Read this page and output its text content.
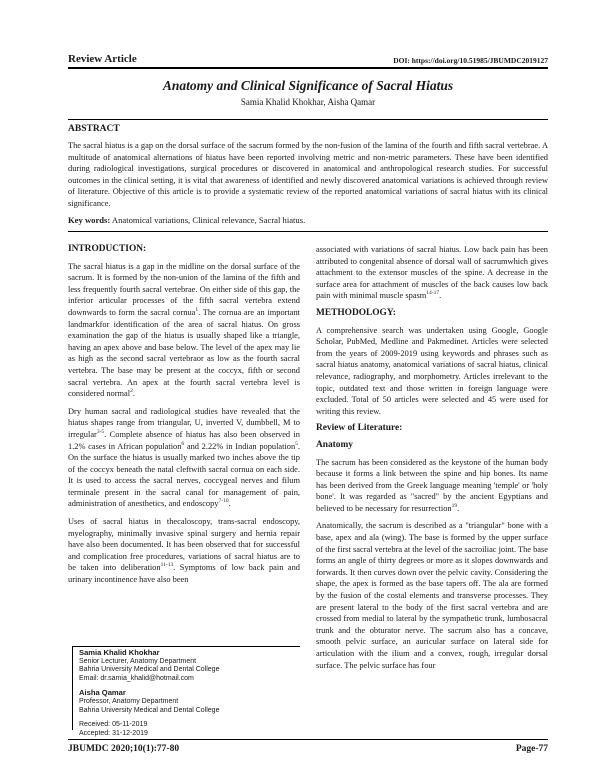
Review Article	DOI: https://doi.org/10.51985/JBUMDC2019127
Anatomy and Clinical Significance of Sacral Hiatus
Samia Khalid Khokhar, Aisha Qamar
ABSTRACT
The sacral hiatus is a gap on the dorsal surface of the sacrum formed by the non-fusion of the lamina of the fourth and fifth sacral vertebrae. A multitude of anatomical alternations of hiatus have been reported involving metric and non-metric parameters. These have been identified during radiological investigations, surgical procedures or discovered in anatomical and anthropological research studies. For successful outcomes in the clinical setting, it is vital that awareness of identified and newly discovered anatomical variations is achieved through review of literature. Objective of this article is to provide a systematic review of the reported anatomical variations of sacral hiatus with its clinical significance.
Key words: Anatomical variations, Clinical relevance, Sacral hiatus.
INTRODUCTION:

The sacral hiatus is a gap in the midline on the dorsal surface of the sacrum. It is formed by the non-union of the lamina of the fifth and less frequently fourth sacral vertebrae. On either side of this gap, the inferior articular processes of the fifth sacral vertebra extend downwards to form the sacral cornua$^1$. The cornua are an important landmarkfor identification of the area of sacral hiatus. On gross examination the gap of the hiatus is usually shaped like a triangle, having an apex above and base below. The level of the apex may lie as high as the second sacral vertebraor as low as the fourth sacral vertebra. The base may be present at the coccyx, fifth or second sacral vertebra. An apex at the fourth sacral vertebra level is considered normal$^2$.

Dry human sacral and radiological studies have revealed that the hiatus shapes range from triangular, U, inverted V, dumbbell, M to irregular$^{3-5}$. Complete absence of hiatus has also been observed in 1.2% cases in African population$^6$ and 2.22% in Indian population$^5$. On the surface the hiatus is usually marked two inches above the tip of the coccyx beneath the natal cleftwith sacral cornua on each side. It is used to access the sacral nerves, coccygeal nerves and filum terminale present in the sacral canal for management of pain, administration of anesthetics, and endoscopy$^{7-10}$.

Uses of sacral hiatus in thecaloscopy, trans-sacral endoscopy, myelography, minimally invasive spinal surgery and hernia repair have also been documented. It has been observed that for successful and complication free procedures, variations of sacral hiatus are to be taken into deliberation$^{11-13}$. Symptoms of low back pain and urinary incontinence have also been

Samia Khalid Khokhar
Senior Lecturer, Anatomy Department
Bahria University Medical and Dental College
Email: dr.samia_khalid@hotmail.com
Aisha Qamar
Professor, Anatomy Department
Bahria University Medical and Dental College
Received: 05-11-2019
Accepted: 31-12-2019

associated with variations of sacral hiatus. Low back pain has been attributed to congenital absence of dorsal wall of sacrumwhich gives attachment to the extensor muscles of the spine. A decrease in the surface area for attachment of muscles of the back causes low back pain with minimal muscle spasm$^{14-17}$.

METHODOLOGY:

A comprehensive search was undertaken using Google, Google Scholar, PubMed, Medline and Pakmedinet. Articles were selected from the years of 2009-2019 using keywords and phrases such as sacral hiatus anatomy, anatomical variations of sacral hiatus, clinical relevance, radiography, and morphometry. Articles irrelevant to the topic, outdated text and those written in foreign language were excluded. Total of 50 articles were selected and 45 were used for writing this review.

Review of Literature:
Anatomy

The sacrum has been considered as the keystone of the human body because it forms a link between the spine and hip bones. Its name has been derived from the Greek language meaning 'temple' or 'holy bone'. It was regarded as "sacred" by the ancient Egyptians and believed to be necessary for resurrection$^{19}$.

Anatomically, the sacrum is described as a "triangular" bone with a base, apex and ala (wing). The base is formed by the upper surface of the first sacral vertebra at the level of the sacroiliac joint. The base forms an angle of thirty degrees or more as it slopes downwards and forwards. It then curves down over the pelvic cavity. Considering the shape, the apex is formed as the base tapers off. The ala are formed by the fusion of the costal elements and transverse processes. They are present lateral to the body of the first sacral vertebra and are crossed from medial to lateral by the sympathetic trunk, lumbosacral trunk and the obturator nerve. The sacrum also has a concave, smooth pelvic surface, an auricular surface on lateral side for articulation with the ilium and a convex, rough, irregular dorsal surface. The pelvic surface has four

JBUMDC 2020;10(1):77-80	Page-77
